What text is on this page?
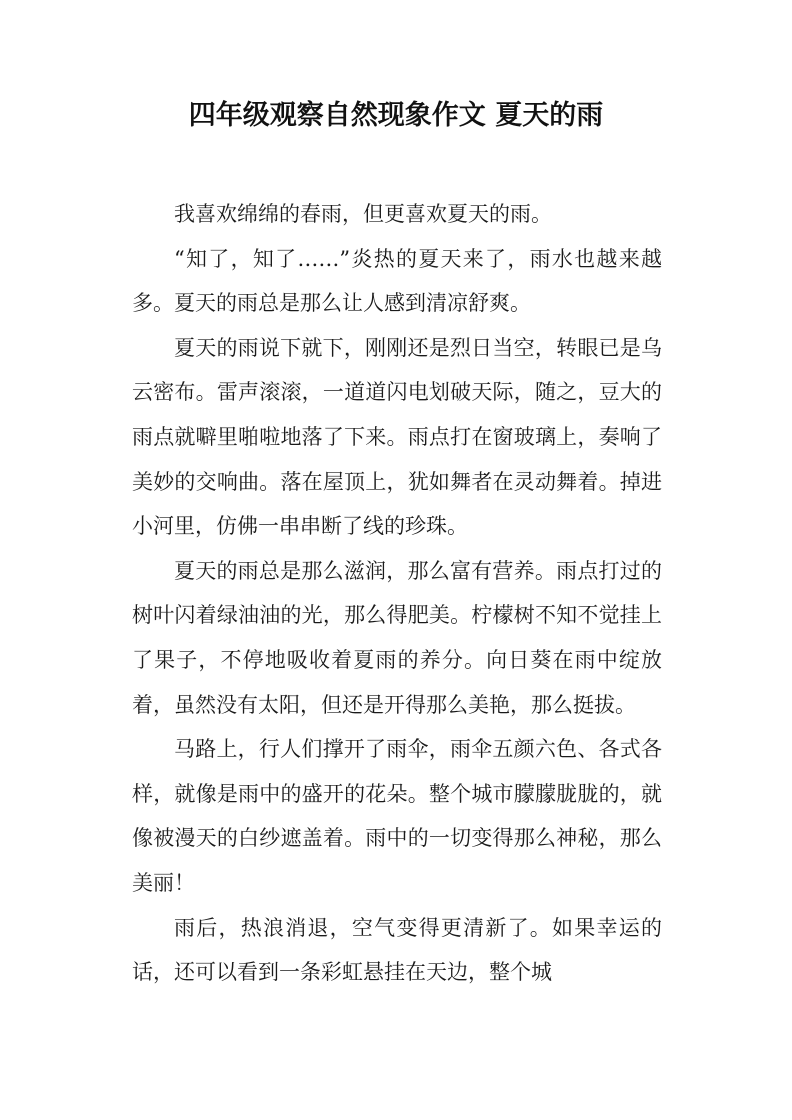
四年级观察自然现象作文 夏天的雨

我喜欢绵绵的春雨，但更喜欢夏天的雨。

“知了，知了……”炎热的夏天来了，雨水也越来越多。夏天的雨总是那么让人感到清凉舒爽。

夏天的雨说下就下，刚刚还是烈日当空，转眼已是乌云密布。雷声滚滚，一道道闪电划破天际，随之，豆大的雨点就噼里啪啦地落了下来。雨点打在窗玻璃上，奏响了美妙的交响曲。落在屋顶上，犹如舞者在灵动舞着。掉进小河里，仿佛一串串断了线的珍珠。

夏天的雨总是那么滋润，那么富有营养。雨点打过的树叶闪着绿油油的光，那么得肥美。柠檬树不知不觉挂上了果子，不停地吸收着夏雨的养分。向日葵在雨中绽放着，虽然没有太阳，但还是开得那么美艳，那么挺拔。

马路上，行人们撑开了雨伞，雨伞五颜六色、各式各样，就像是雨中的盛开的花朵。整个城市朦朦胧胧的，就像被漫天的白纱遮盖着。雨中的一切变得那么神秘，那么美丽！

雨后，热浪消退，空气变得更清新了。如果幸运的话，还可以看到一条彩虹悬挂在天边，整个城
